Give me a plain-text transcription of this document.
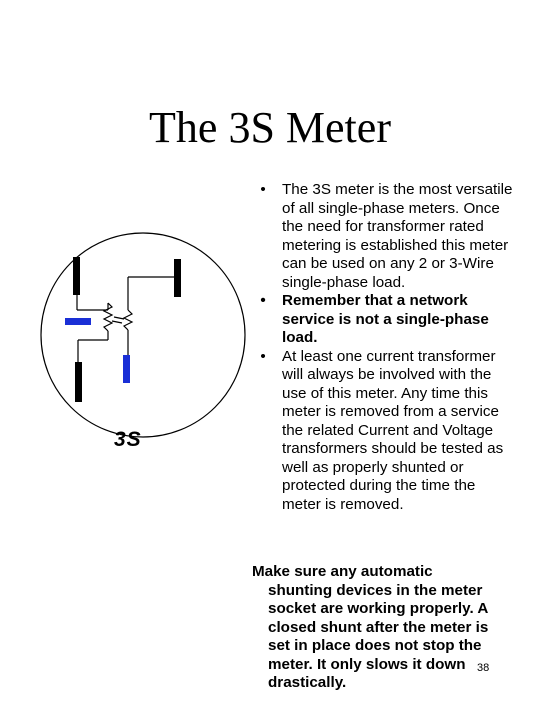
The 3S Meter
3S
• The 3S meter is the most versatile of all single-phase meters. Once the need for transformer rated metering is established this meter can be used on any 2 or 3-Wire single-phase load.
• Remember that a network service is not a single-phase load.
• At least one current transformer will always be involved with the use of this meter. Any time this meter is removed from a service the related Current and Voltage transformers should be tested as well as properly shunted or protected during the time the meter is removed.
Make sure any automatic
shunting devices in the meter socket are working properly. A closed shunt after the meter is set in place does not stop the meter. It only slows it down drastically.
38
